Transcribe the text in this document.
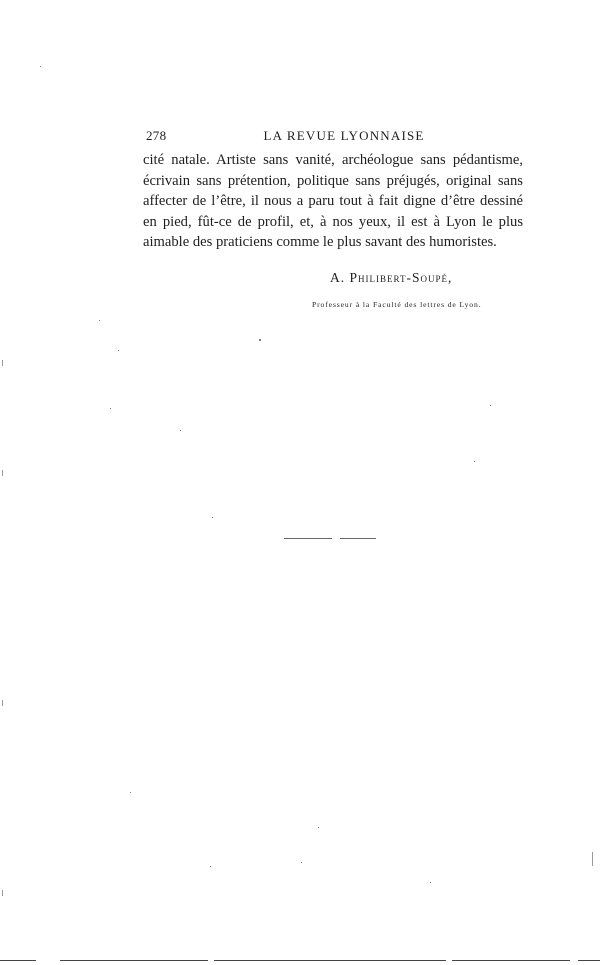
278	LA REVUE LYONNAISE
cité natale. Artiste sans vanité, archéologue sans pédantisme,
écrivain sans prétention, politique sans préjugés, original sans
affecter de l’être, il nous a paru tout à fait digne d’être dessiné
en pied, fût-ce de profil, et, à nos yeux, il est à Lyon le plus
aimable des praticiens comme le plus savant des humoristes.
A. Philibert-Soupé,
Professeur à la Faculté des lettres de Lyon.
